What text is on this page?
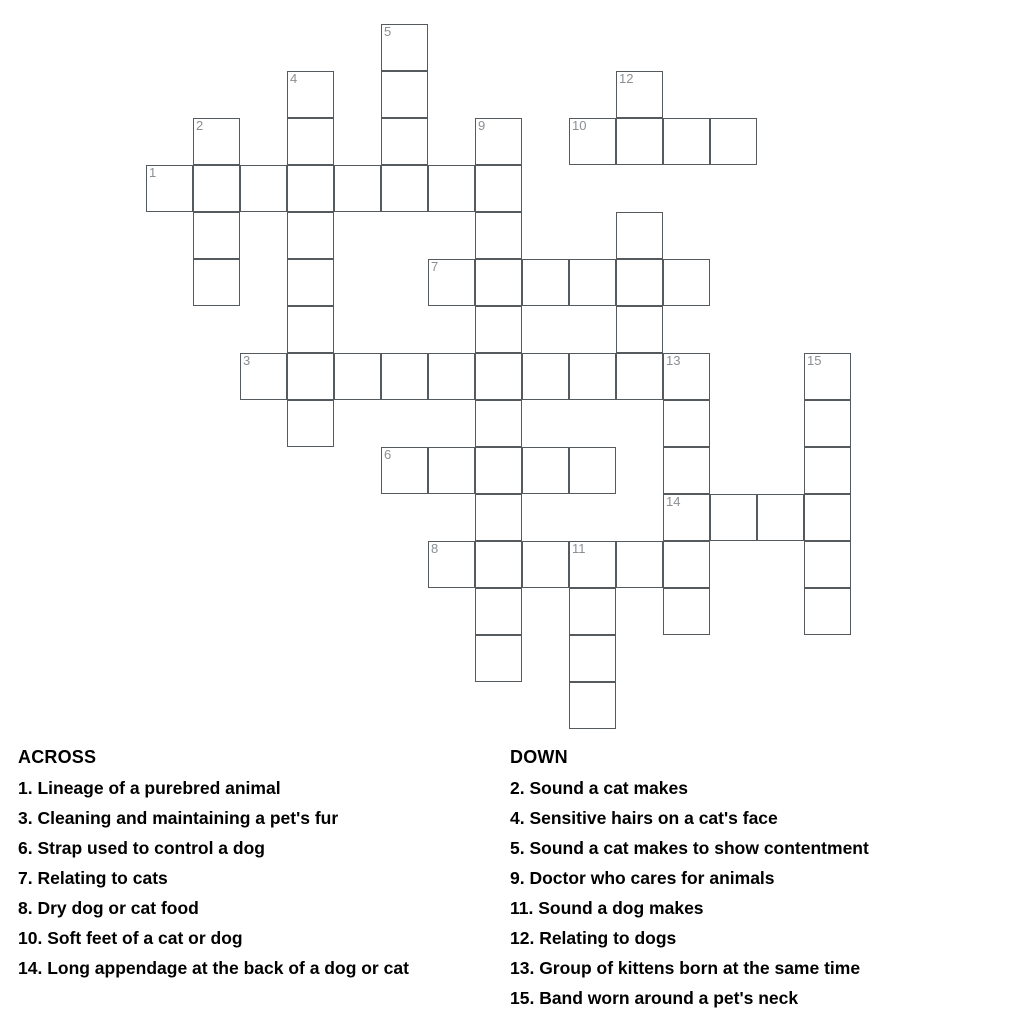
5
4	12
2	9	10
1
7
3	13	15
6
14
8	11
ACROSS
1. Lineage of a purebred animal
3. Cleaning and maintaining a pet's fur
6. Strap used to control a dog
7. Relating to cats
8. Dry dog or cat food
10. Soft feet of a cat or dog
14. Long appendage at the back of a dog or cat
DOWN
2. Sound a cat makes
4. Sensitive hairs on a cat's face
5. Sound a cat makes to show contentment
9. Doctor who cares for animals
11. Sound a dog makes
12. Relating to dogs
13. Group of kittens born at the same time
15. Band worn around a pet's neck
